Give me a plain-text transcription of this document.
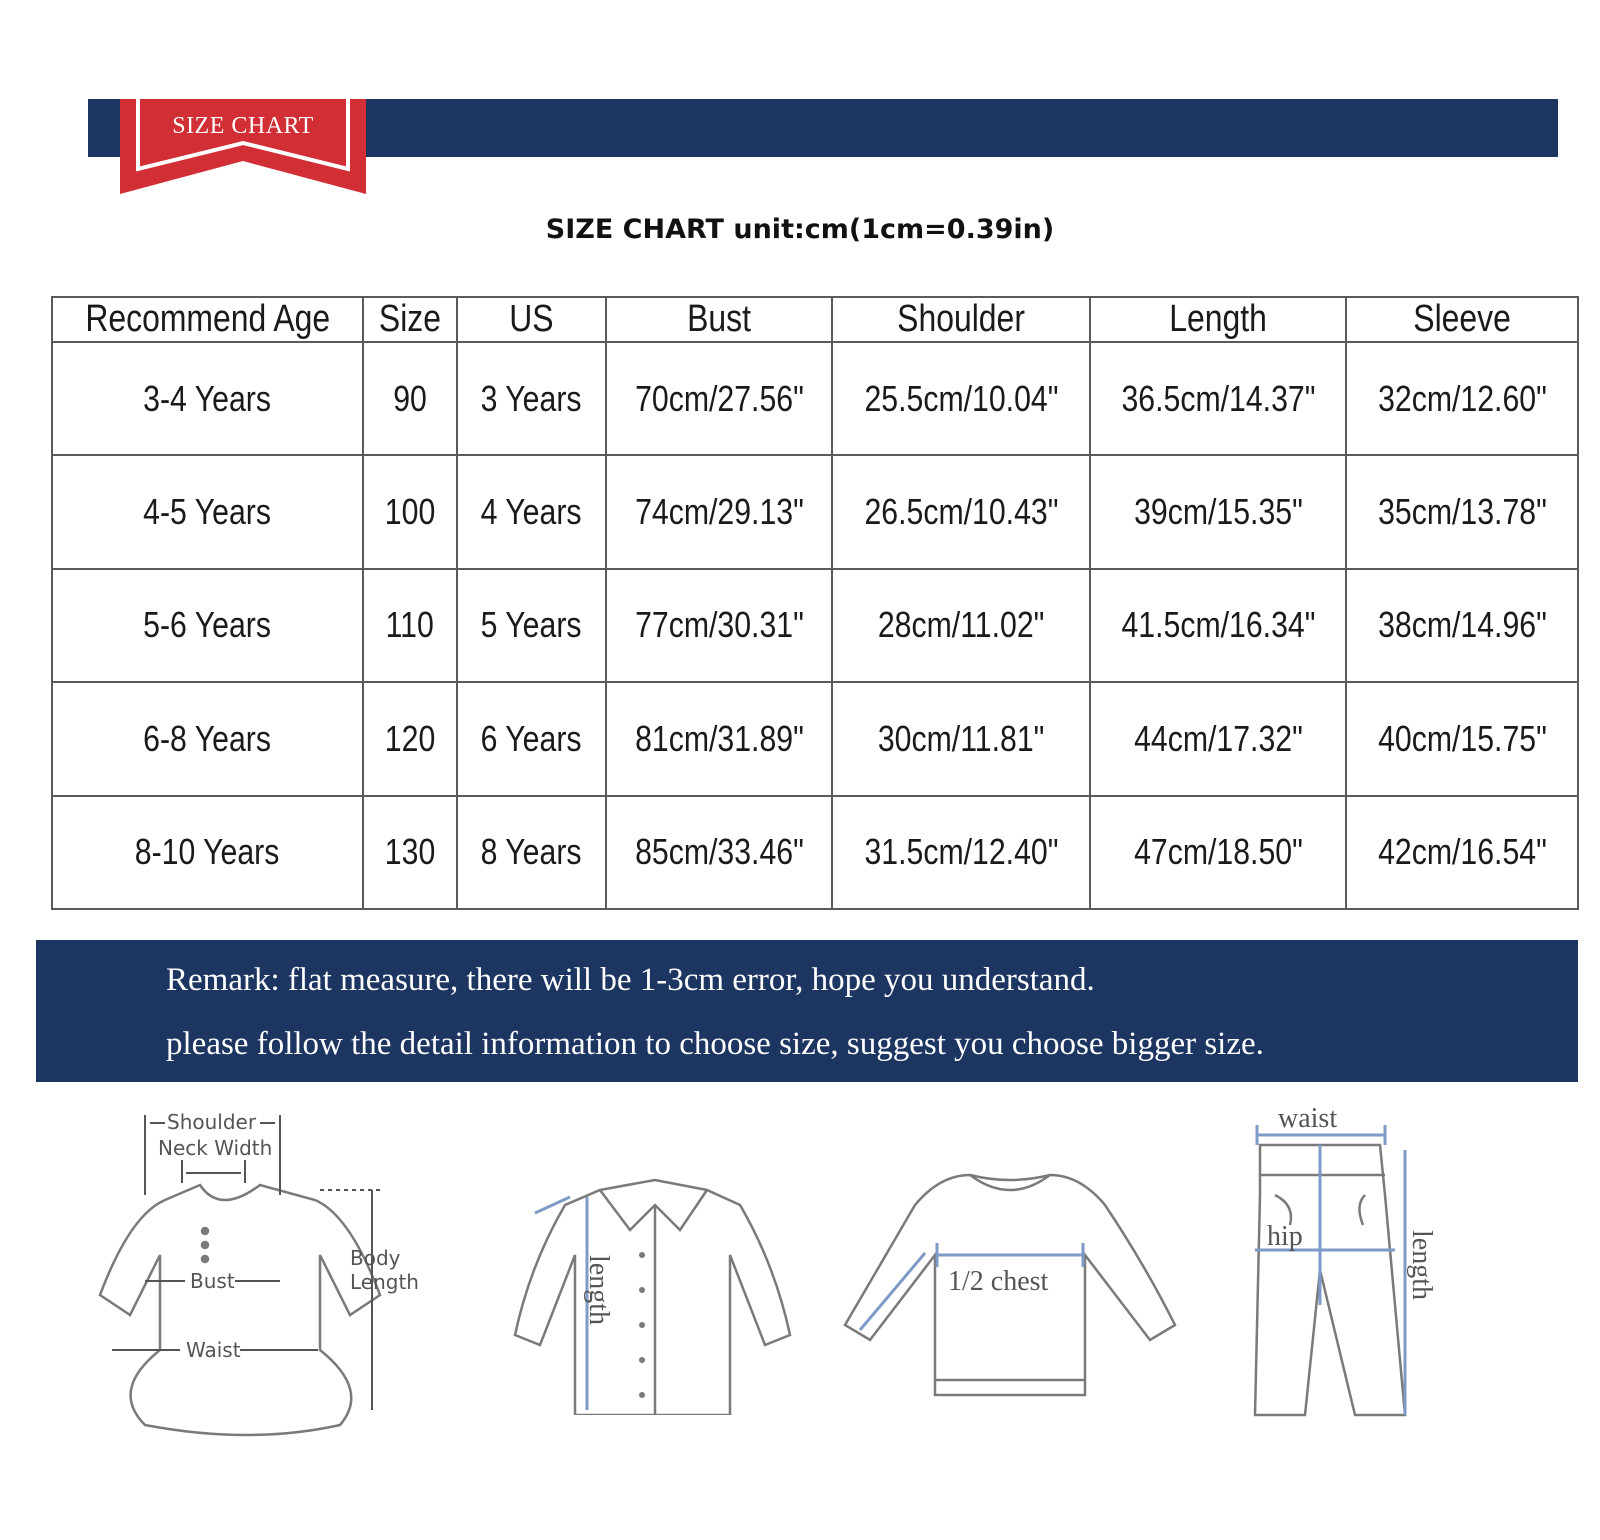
SIZE CHART
SIZE CHART unit:cm(1cm=0.39in)
Recommend Age	Size	US	Bust	Shoulder	Length	Sleeve
3-4 Years	90	3 Years	70cm/27.56"	25.5cm/10.04"	36.5cm/14.37"	32cm/12.60"
4-5 Years	100	4 Years	74cm/29.13"	26.5cm/10.43"	39cm/15.35"	35cm/13.78"
5-6 Years	110	5 Years	77cm/30.31"	28cm/11.02"	41.5cm/16.34"	38cm/14.96"
6-8 Years	120	6 Years	81cm/31.89"	30cm/11.81"	44cm/17.32"	40cm/15.75"
8-10 Years	130	8 Years	85cm/33.46"	31.5cm/12.40"	47cm/18.50"	42cm/16.54"
Remark: flat measure, there will be 1-3cm error, hope you understand.
please follow the detail information to choose size, suggest you choose bigger size.
Shoulder
Neck Width
Bust
Waist
Body
Length	length	1/2 chest
waist
hip	length
